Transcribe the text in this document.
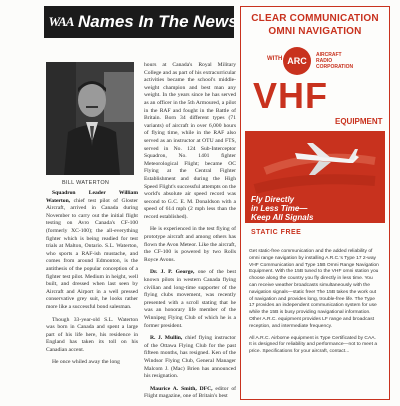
WAA Names In The News
BILL WATERTON

Squadron Leader William Waterton, chief test pilot of Gloster Aircraft, arrived in Canada during November to carry out the initial flight testing on Avro Canada's CF-100 (formerly XC-100); the all-everything fighter which is being readied for test trials at Malton, Ontario. S.L. Waterton, who sports a RAF-ish mustache, and comes from around Edmonton, is the antithesis of the popular conception of a fighter test pilot. Medium in height, well built, and dressed when last seen by Aircraft and Airport in a well pressed conservative grey suit, he looks rather more like a successful bond salesman.

Though 33-year-old S.L. Waterton was born in Canada and spent a large part of his life here, his residence in England has taken its toll on his Canadian accent.

He once whiled away the long

hours at Canada's Royal Military College and as part of his extracurricular activities became the school's middle-weight champion and best man any weight. In the years since he has served as an officer in the 5th Armoured, a pilot in the RAF and fought in the Battle of Britain. Born 34 different types (71 variants) of aircraft in over 6,000 hours of flying time, while in the RAF also served as an instructor at OTU and FTS, served in No. 124 Sub-Interceptor Squadron, No. 1401 fighter Meteorological Flight; became OC Flying at the Central Fighter Establishment and during the High Speed Flight's successful attempts on the world's absolute air speed record was second to G.C. E. M. Donaldson with a speed of 614 mph (2 mph less than the record established).

He is experienced in the test flying of prototype aircraft and among others has flown the Avon Meteor. Like the aircraft, the CF-100 is powered by two Rolls Royce Avons.

Dr. J. P. George, one of the best known pilots in western Canada flying civilian and long-time supporter of the flying clubs movement, was recently presented with a scroll stating that he was an honorary life member of the Winnipeg Flying Club of which he is a former president.

R. J. Mullin, chief flying instructor of the Ottawa Flying Club for the past fifteen months, has resigned. Ken of the Windsor Flying Club, General Manager Malcom J. (Mac) Brien has announced his resignation.

Maurice A. Smith, DFC, editor of Flight magazine, one of Britain's best

CLEAR COMMUNICATION
OMNI NAVIGATION
WITH ARC
AIRCRAFT
RADIO
CORPORATION
VHF
EQUIPMENT
Fly Directly
in Less Time—
Keep All Signals
STATIC FREE

Get static-free communication and the added reliability of omni range navigation by installing A.R.C.'s Type 17 2-way VHF Communication and Type 15B Omni Range Navigation Equipment. With the 15B tuned to the VHF omni station you choose along the country you fly directly in less time. You can receive weather broadcasts simultaneously with the navigation signals—static free! The 15B takes the work out of navigation and provides long, trouble-free life. The Type 17 provides an independent communication system for use while the 15B is busy providing navigational information. Other A.R.C. equipment provides LF range and broadcast reception, and intermediate frequency.

All A.R.C. Airborne equipment is Type Certificated by CAA. It is designed for reliability and performance—not to meet a price. Specifications for your aircraft, contact...
